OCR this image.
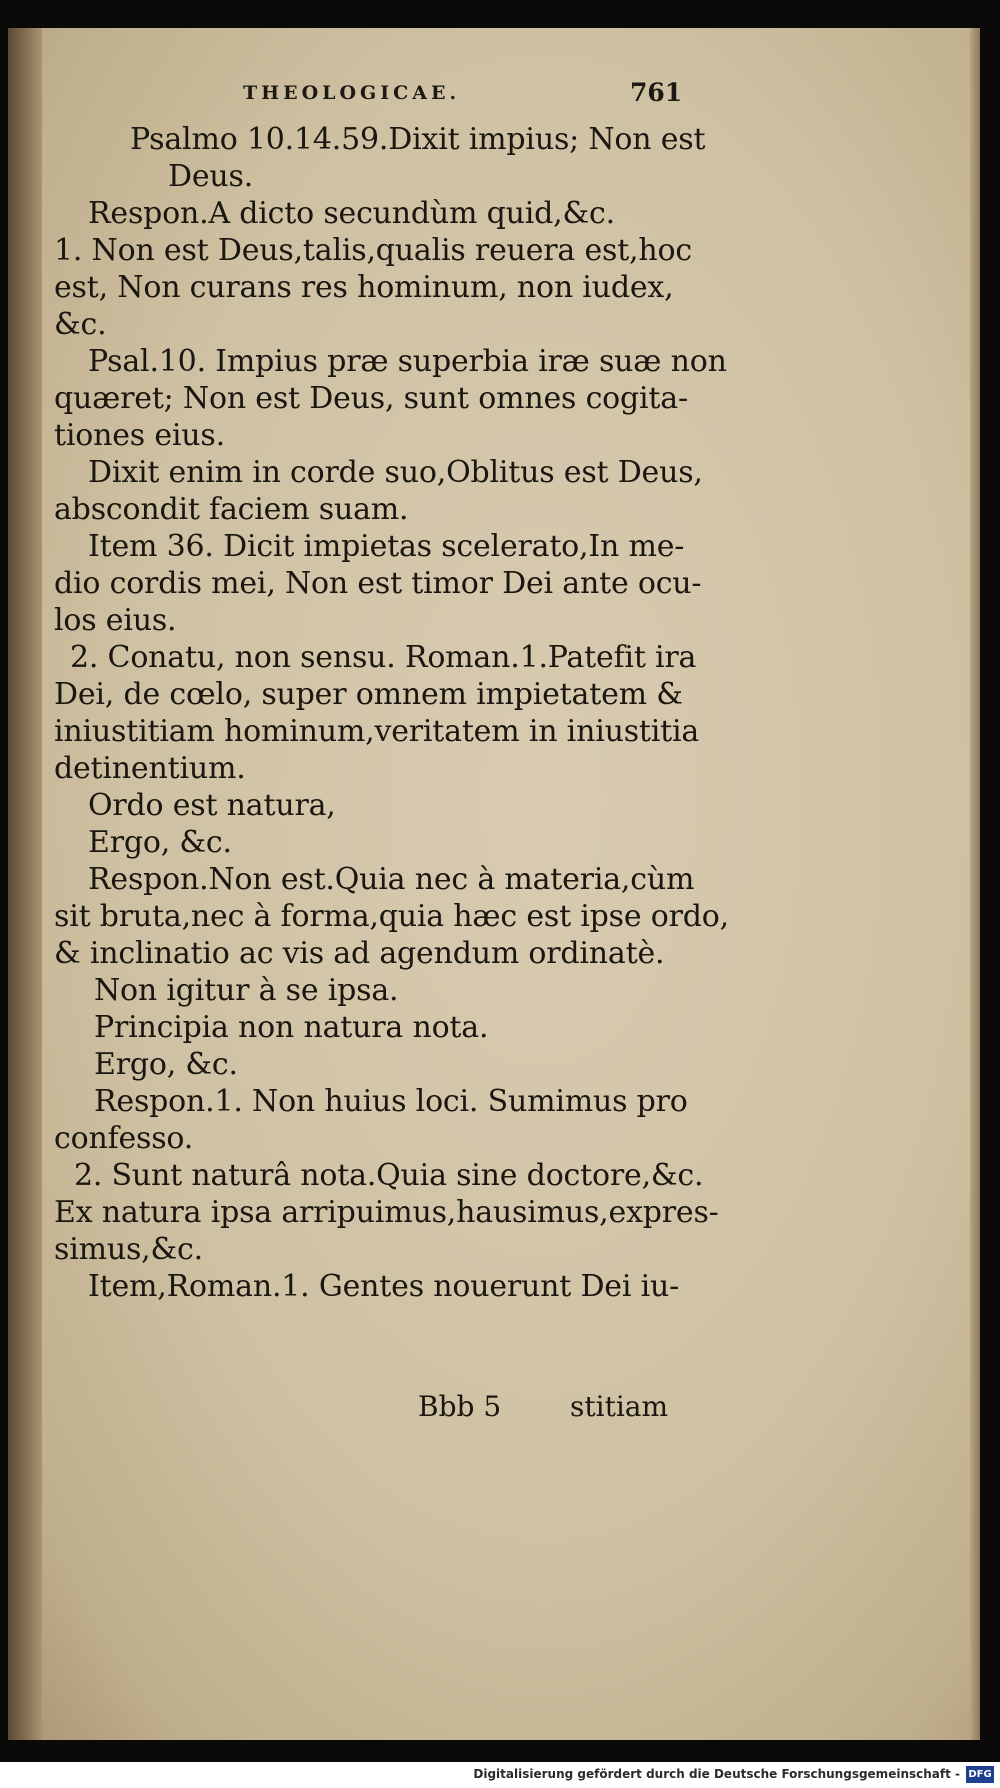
THEOLOGICAE.	761

Psalmo 10.14.59.Dixit impius; Non est

Deus.

Respon.A dicto secundùm quid,&c.

1. Non est Deus,talis,qualis reuera est,hoc

est, Non curans res hominum, non iudex,

&c.

Psal.10. Impius præ superbia iræ suæ non

quæret; Non est Deus, sunt omnes cogita-

tiones eius.

Dixit enim in corde suo,Oblitus est Deus,

abscondit faciem suam.

Item 36. Dicit impietas scelerato,In me-

dio cordis mei, Non est timor Dei ante ocu-

los eius.

2. Conatu, non sensu. Roman.1.Patefit ira

Dei, de cœlo, super omnem impietatem &

iniustitiam hominum,veritatem in iniustitia

detinentium.

Ordo est natura,

Ergo, &c.

Respon.Non est.Quia nec à materia,cùm

sit bruta,nec à forma,quia hæc est ipse ordo,

& inclinatio ac vis ad agendum ordinatè.

Non igitur à se ipsa.

Principia non natura nota.

Ergo, &c.

Respon.1. Non huius loci. Sumimus pro

confesso.

2. Sunt naturâ nota.Quia sine doctore,&c.

Ex natura ipsa arripuimus,hausimus,expres-

simus,&c.

Item,Roman.1. Gentes nouerunt Dei iu-

Bbb 5 stitiam

Digitalisierung gefördert durch die Deutsche Forschungsgemeinschaft - DFG
